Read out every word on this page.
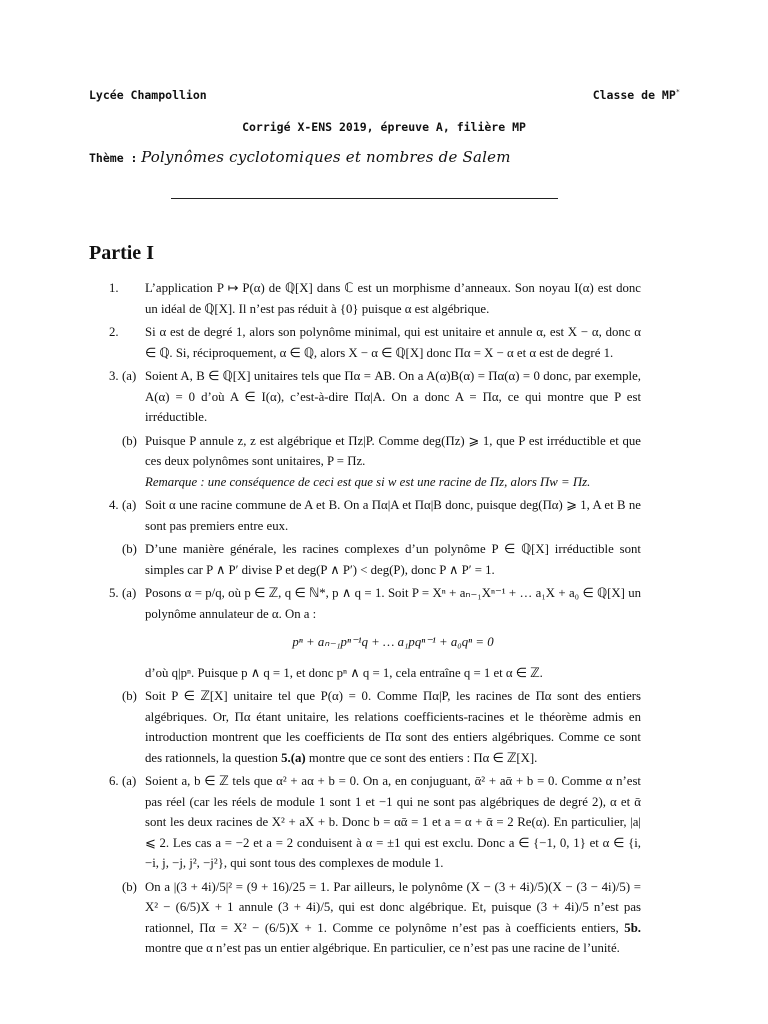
Lycée Champollion	Classe de MP*
Corrigé X-ENS 2019, épreuve A, filière MP
Thème : Polynômes cyclotomiques et nombres de Salem
Partie I
1. L’application P ↦ P(α) de ℚ[X] dans ℂ est un morphisme d’anneaux. Son noyau I(α) est donc un idéal de ℚ[X]. Il n’est pas réduit à {0} puisque α est algébrique.
2. Si α est de degré 1, alors son polynôme minimal, qui est unitaire et annule α, est X − α, donc α ∈ ℚ. Si, réciproquement, α ∈ ℚ, alors X − α ∈ ℚ[X] donc Πα = X − α et α est de degré 1.
3. (a) Soient A, B ∈ ℚ[X] unitaires tels que Πα = AB. On a A(α)B(α) = Πα(α) = 0 donc, par exemple, A(α) = 0 d’où A ∈ I(α), c’est-à-dire Πα|A. On a donc A = Πα, ce qui montre que P est irréductible.
(b) Puisque P annule z, z est algébrique et Πz|P. Comme deg(Πz) ⩾ 1, que P est irréductible et que ces deux polynômes sont unitaires, P = Πz.
Remarque : une conséquence de ceci est que si w est une racine de Πz, alors Πw = Πz.
4. (a) Soit α une racine commune de A et B. On a Πα|A et Πα|B donc, puisque deg(Πα) ⩾ 1, A et B ne sont pas premiers entre eux.
(b) D’une manière générale, les racines complexes d’un polynôme P ∈ ℚ[X] irréductible sont simples car P ∧ P′ divise P et deg(P ∧ P′) < deg(P), donc P ∧ P′ = 1.
5. (a) Posons α = p/q, où p ∈ ℤ, q ∈ ℕ*, p ∧ q = 1. Soit P = Xⁿ + aₙ₋₁Xⁿ⁻¹ + … a₁X + a₀ ∈ ℚ[X] un polynôme annulateur de α. On a :
pⁿ + aₙ₋₁pⁿ⁻¹q + … a₁pqⁿ⁻¹ + a₀qⁿ = 0
d’où q|pⁿ. Puisque p ∧ q = 1, et donc pⁿ ∧ q = 1, cela entraîne q = 1 et α ∈ ℤ.
(b) Soit P ∈ ℤ[X] unitaire tel que P(α) = 0. Comme Πα|P, les racines de Πα sont des entiers algébriques. Or, Πα étant unitaire, les relations coefficients-racines et le théorème admis en introduction montrent que les coefficients de Πα sont des entiers algébriques. Comme ce sont des rationnels, la question 5.(a) montre que ce sont des entiers : Πα ∈ ℤ[X].
6. (a) Soient a, b ∈ ℤ tels que α² + aα + b = 0. On a, en conjuguant, ᾱ² + aᾱ + b = 0. Comme α n’est pas réel (car les réels de module 1 sont 1 et −1 qui ne sont pas algébriques de degré 2), α et ᾱ sont les deux racines de X² + aX + b. Donc b = αᾱ = 1 et a = α + ᾱ = 2 Re(α). En particulier, |a| ⩽ 2. Les cas a = −2 et a = 2 conduisent à α = ±1 qui est exclu. Donc a ∈ {−1, 0, 1} et α ∈ {i, −i, j, −j, j², −j²}, qui sont tous des complexes de module 1.
(b) On a |(3 + 4i)/5|² = (9 + 16)/25 = 1. Par ailleurs, le polynôme (X − (3 + 4i)/5)(X − (3 − 4i)/5) = X² − (6/5)X + 1 annule (3 + 4i)/5, qui est donc algébrique. Et, puisque (3 + 4i)/5 n’est pas rationnel, Πα = X² − (6/5)X + 1. Comme ce polynôme n’est pas à coefficients entiers, 5b. montre que α n’est pas un entier algébrique. En particulier, ce n’est pas une racine de l’unité.
